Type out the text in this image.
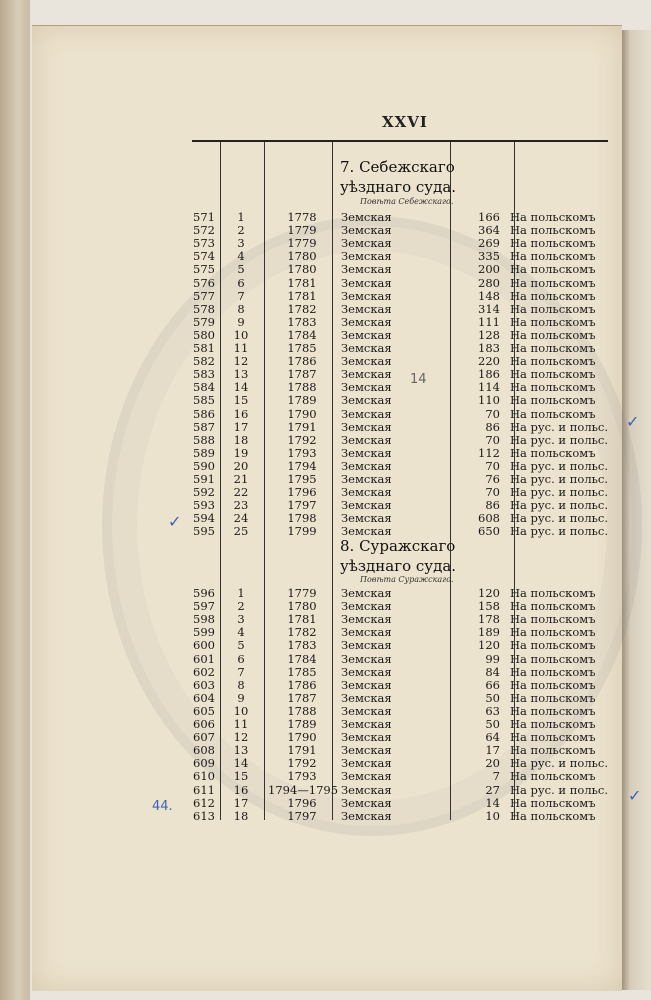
XXVI
7. Себежскаго
уѣзднаго суда.
Повѣта Себежскаго.
8. Суражскаго
уѣзднаго суда.
Повѣта Суражскаго.
571	1	1778	Земская	166 На польскомъ
572	2	1779	Земская	364 На польскомъ
573	3	1779	Земская	269 На польскомъ
574	4	1780	Земская	335 На польскомъ
575	5	1780	Земская	200 На польскомъ
576	6	1781	Земская	280 На польскомъ
577	7	1781	Земская	148 На польскомъ
578	8	1782	Земская	314 На польскомъ
579	9	1783	Земская	111 На польскомъ
580	10	1784	Земская	128 На польскомъ
581	11	1785	Земская	183 На польскомъ
582	12	1786	Земская	220 На польскомъ
583	13	1787	Земская	186 На польскомъ
584	14	1788	Земская	114 На польскомъ
585	15	1789	Земская	110 На польскомъ
586	16	1790	Земская	70 На польскомъ
587	17	1791	Земская	86 На рус. и польс.
588	18	1792	Земская	70 На рус. и польс.
589	19	1793	Земская	112 На польскомъ
590	20	1794	Земская	70 На рус. и польс.
591	21	1795	Земская	76 На рус. и польс.
592	22	1796	Земская	70 На рус. и польс.
593	23	1797	Земская	86 На рус. и польс.
594	24	1798	Земская	608 На рус. и польс.
595	25	1799	Земская	650 На рус. и польс.
596	1	1779	Земская	120 На польскомъ
597	2	1780	Земская	158 На польскомъ
598	3	1781	Земская	178 На польскомъ
599	4	1782	Земская	189 На польскомъ
600	5	1783	Земская	120 На польскомъ
601	6	1784	Земская	99 На польскомъ
602	7	1785	Земская	84 На польскомъ
603	8	1786	Земская	66 На польскомъ
604	9	1787	Земская	50 На польскомъ
605	10	1788	Земская	63 На польскомъ
606	11	1789	Земская	50 На польскомъ
607	12	1790	Земская	64 На польскомъ
608	13	1791	Земская	17 На польскомъ
609	14	1792	Земская	20 На рус. и польс.
610	15	1793	Земская	7 На польскомъ
611	16	1794—1795 Земская	27 На рус. и польс.
612	17	1796	Земская	14 На польскомъ
613	18	1797	Земская	10 На польскомъ
14
44.
✓
✓
✓
